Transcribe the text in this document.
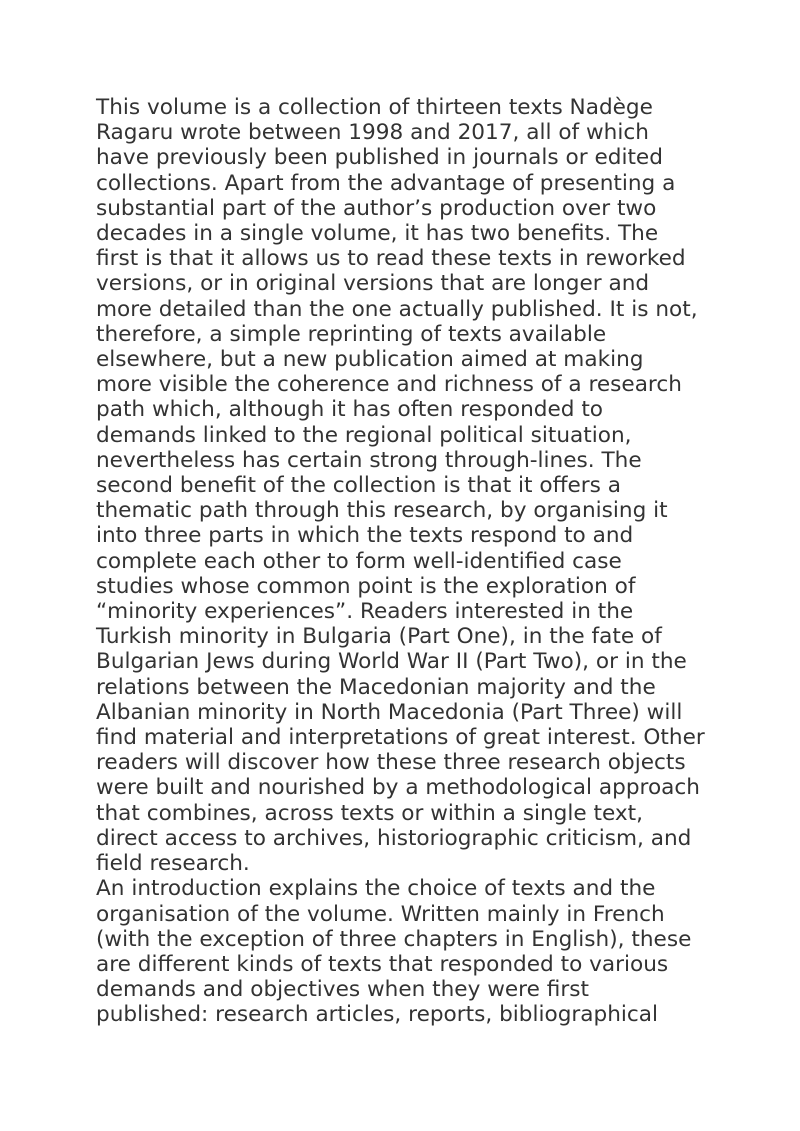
This volume is a collection of thirteen texts Nadège
Ragaru wrote between 1998 and 2017, all of which
have previously been published in journals or edited
collections. Apart from the advantage of presenting a
substantial part of the author’s production over two
decades in a single volume, it has two benefits. The
first is that it allows us to read these texts in reworked
versions, or in original versions that are longer and
more detailed than the one actually published. It is not,
therefore, a simple reprinting of texts available
elsewhere, but a new publication aimed at making
more visible the coherence and richness of a research
path which, although it has often responded to
demands linked to the regional political situation,
nevertheless has certain strong through-lines. The
second benefit of the collection is that it offers a
thematic path through this research, by organising it
into three parts in which the texts respond to and
complete each other to form well-identified case
studies whose common point is the exploration of
“minority experiences”. Readers interested in the
Turkish minority in Bulgaria (Part One), in the fate of
Bulgarian Jews during World War II (Part Two), or in the
relations between the Macedonian majority and the
Albanian minority in North Macedonia (Part Three) will
find material and interpretations of great interest. Other
readers will discover how these three research objects
were built and nourished by a methodological approach
that combines, across texts or within a single text,
direct access to archives, historiographic criticism, and
field research.
An introduction explains the choice of texts and the
organisation of the volume. Written mainly in French
(with the exception of three chapters in English), these
are different kinds of texts that responded to various
demands and objectives when they were first
published: research articles, reports, bibliographical
